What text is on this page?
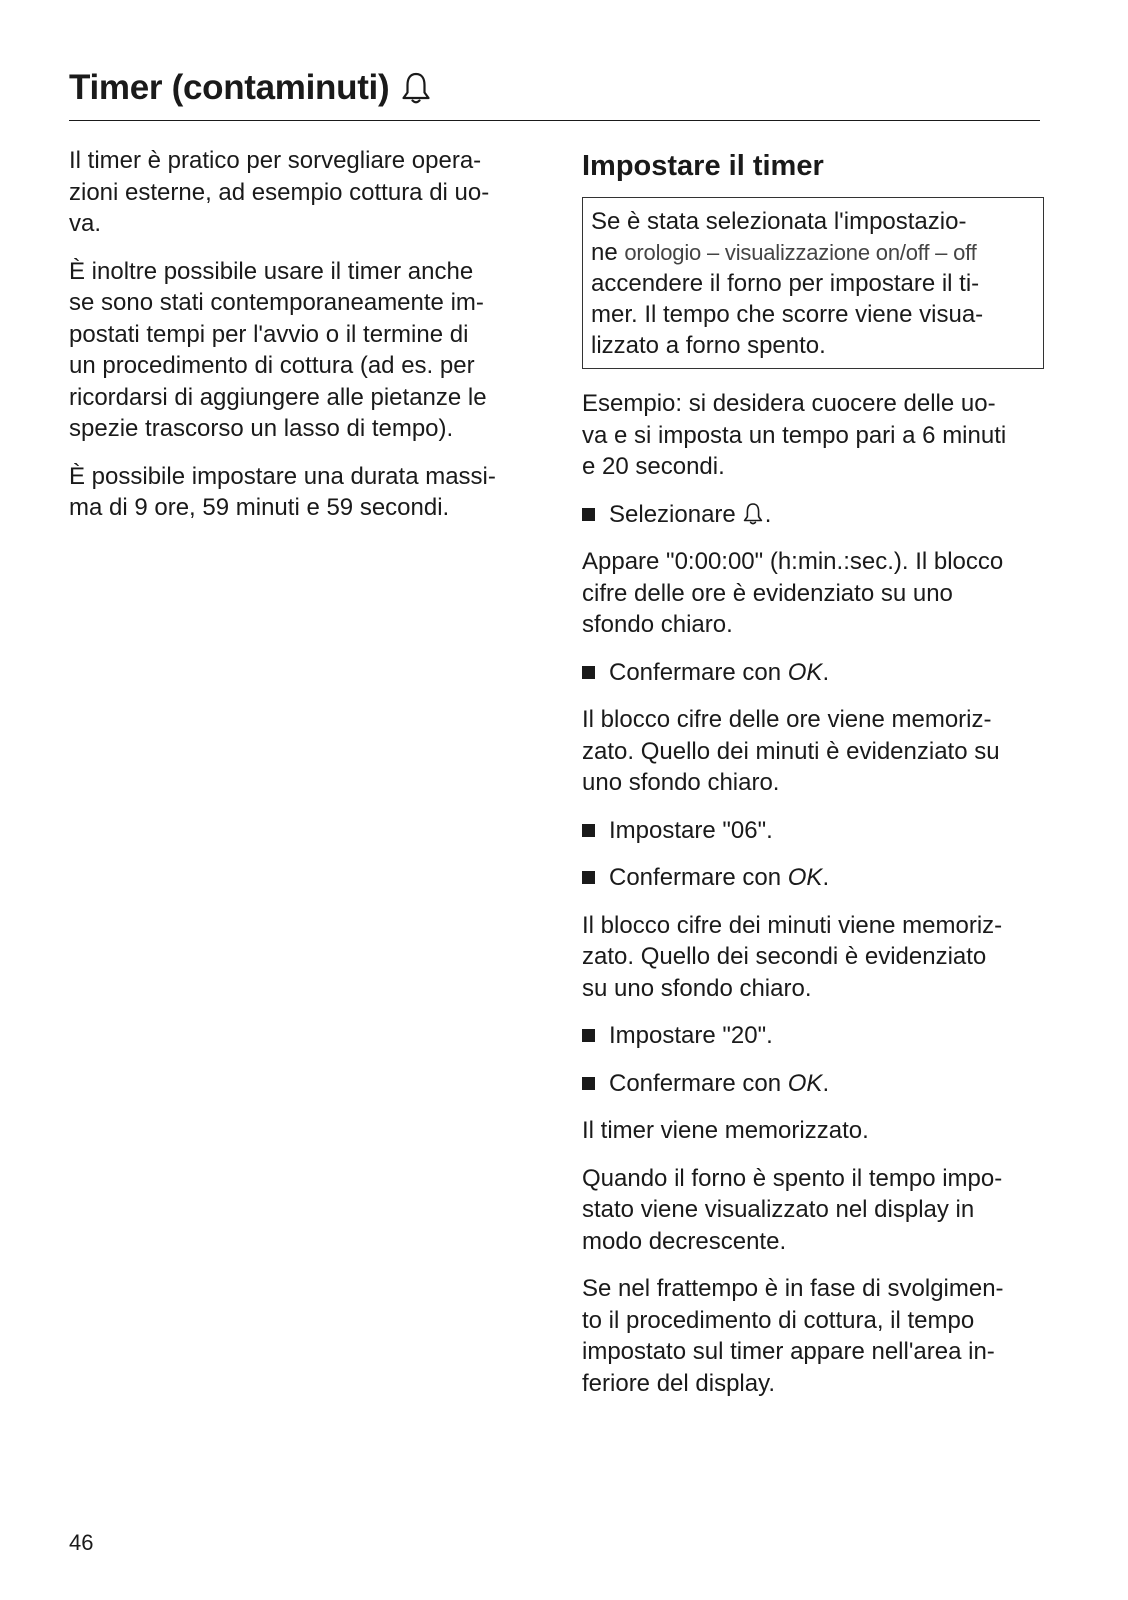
Timer (contaminuti)

Il timer è pratico per sorvegliare opera-
zioni esterne, ad esempio cottura di uo-
va.

È inoltre possibile usare il timer anche
se sono stati contemporaneamente im-
postati tempi per l'avvio o il termine di
un procedimento di cottura (ad es. per
ricordarsi di aggiungere alle pietanze le
spezie trascorso un lasso di tempo).

È possibile impostare una durata massi-
ma di 9 ore, 59 minuti e 59 secondi.

Impostare il timer
Se è stata selezionata l'impostazio-
ne orologio – visualizzazione on/off – off
accendere il forno per impostare il ti-
mer. Il tempo che scorre viene visua-
lizzato a forno spento.

Esempio: si desidera cuocere delle uo-
va e si imposta un tempo pari a 6 minuti
e 20 secondi.

Selezionare .

Appare "0:00:00" (h:min.:sec.). Il blocco
cifre delle ore è evidenziato su uno
sfondo chiaro.

Confermare con OK .

Il blocco cifre delle ore viene memoriz-
zato. Quello dei minuti è evidenziato su
uno sfondo chiaro.

Impostare "06".
Confermare con OK .

Il blocco cifre dei minuti viene memoriz-
zato. Quello dei secondi è evidenziato
su uno sfondo chiaro.

Impostare "20".
Confermare con OK .

Il timer viene memorizzato.

Quando il forno è spento il tempo impo-
stato viene visualizzato nel display in
modo decrescente.

Se nel frattempo è in fase di svolgimen-
to il procedimento di cottura, il tempo
impostato sul timer appare nell'area in-
feriore del display.

46
